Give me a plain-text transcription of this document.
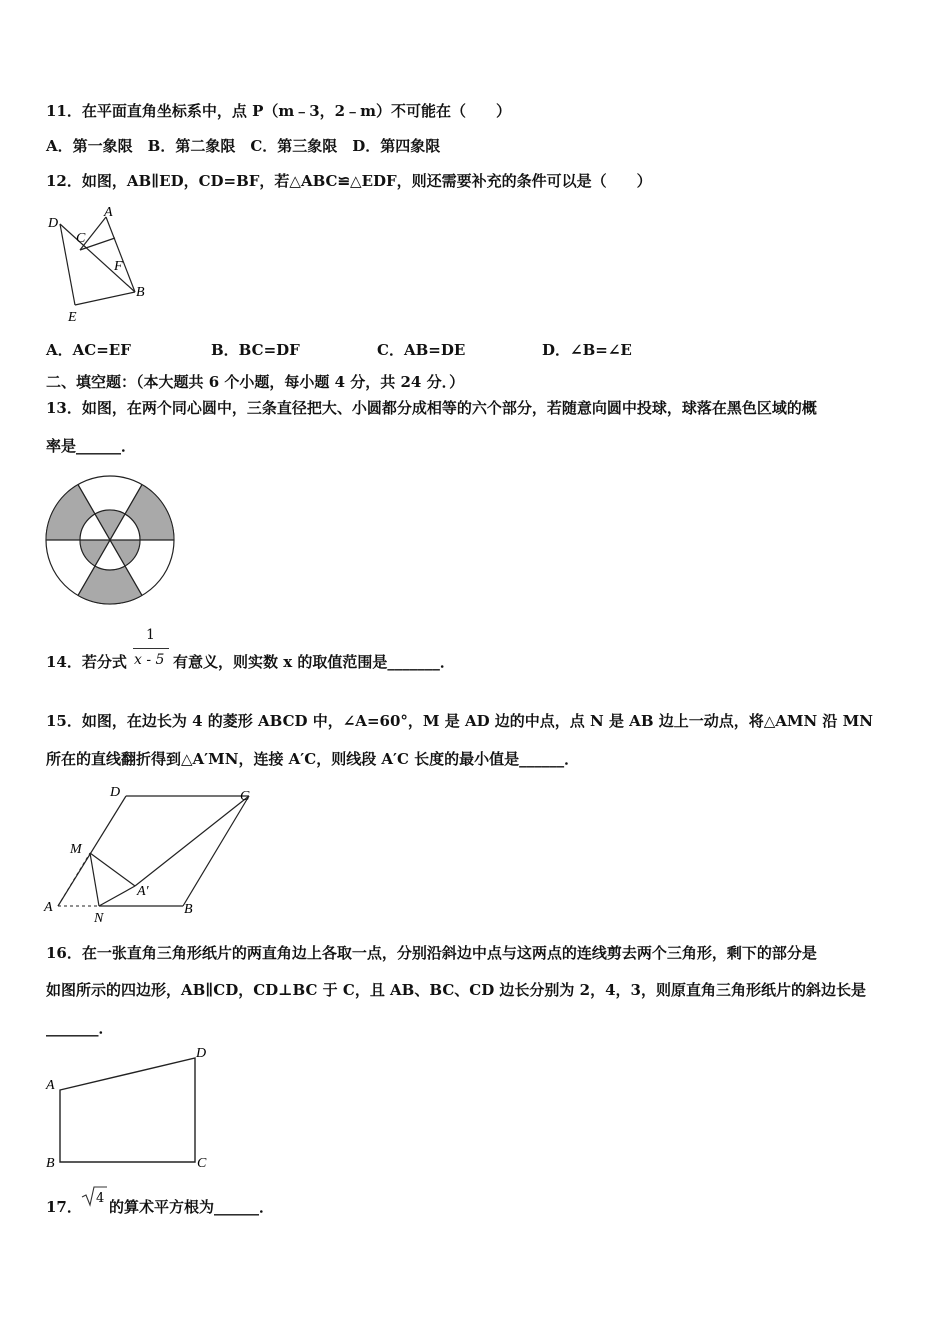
11．在平面直角坐标系中，点 P（m﹣3，2﹣m）不可能在（　　）
A．第一象限　B．第二象限　C．第三象限　D．第四象限
12．如图，AB∥ED，CD=BF，若△ABC≌△EDF，则还需要补充的条件可以是（　　）
D
A
C
F
B
E
A．AC=EF	B．BC=DF	C．AB=DE	D．∠B=∠E
二、填空题：（本大题共 6 个小题，每小题 4 分，共 24 分．）
13．如图，在两个同心圆中，三条直径把大、小圆都分成相等的六个部分，若随意向圆中投球，球落在黑色区域的概
率是______．
14．若分式
1
x - 5 有意义，则实数 x 的取值范围是_______．
15．如图，在边长为 4 的菱形 ABCD 中，∠A=60°，M 是 AD 边的中点，点 N 是 AB 边上一动点，将△AMN 沿 MN
所在的直线翻折得到△A′MN，连接 A′C，则线段 A′C 长度的最小值是______．
D	C
M
A′
A
N
B
16．在一张直角三角形纸片的两直角边上各取一点，分别沿斜边中点与这两点的连线剪去两个三角形，剩下的部分是
如图所示的四边形，AB∥CD，CD⊥BC 于 C，且 AB、BC、CD 边长分别为 2，4，3，则原直角三角形纸片的斜边长是
_______．
A
B	C
D
17． 4 的算术平方根为______．
